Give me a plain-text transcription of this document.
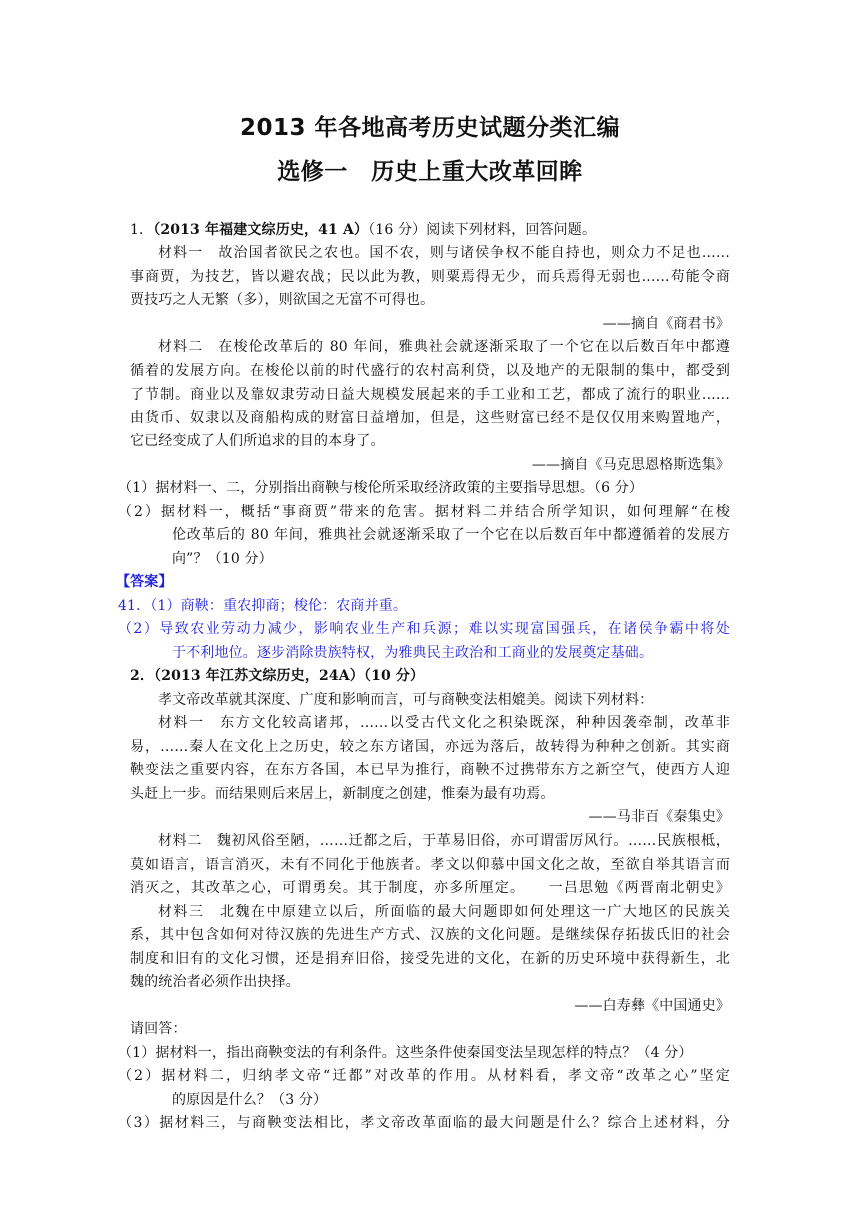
2013 年各地高考历史试题分类汇编
选修一　历史上重大改革回眸
1．（2013 年福建文综历史，41 A）（16 分）阅读下列材料，回答问题。
材料一　故治国者欲民之农也。国不农，则与诸侯争权不能自持也，则众力不足也……
事商贾，为技艺，皆以避农战；民以此为教，则粟焉得无少，而兵焉得无弱也……苟能令商
贾技巧之人无繁（多），则欲国之无富不可得也。
——摘自《商君书》
材料二　在梭伦改革后的 80 年间，雅典社会就逐渐采取了一个它在以后数百年中都遵
循着的发展方向。在梭伦以前的时代盛行的农村高利贷，以及地产的无限制的集中，都受到
了节制。商业以及靠奴隶劳动日益大规模发展起来的手工业和工艺，都成了流行的职业……
由货币、奴隶以及商船构成的财富日益增加，但是，这些财富已经不是仅仅用来购置地产，
它已经变成了人们所追求的目的本身了。
——摘自《马克思恩格斯选集》
（1）据材料一、二，分别指出商鞅与梭伦所采取经济政策的主要指导思想。（6 分）
（2）据材料一，概括“事商贾”带来的危害。据材料二并结合所学知识，如何理解“在梭
伦改革后的 80 年间，雅典社会就逐渐采取了一个它在以后数百年中都遵循着的发展方
向”？（10 分）
【答案】
41．（1）商鞅：重农抑商；梭伦：农商并重。
（2）导致农业劳动力减少，影响农业生产和兵源；难以实现富国强兵，在诸侯争霸中将处
于不利地位。逐步消除贵族特权，为雅典民主政治和工商业的发展奠定基础。
2．（2013 年江苏文综历史，24A）（10 分）
孝文帝改革就其深度、广度和影响而言，可与商鞅变法相媲美。阅读下列材料：
材料一　东方文化较高诸邦，……以受古代文化之积染既深，种种因袭牵制，改革非
易，……秦人在文化上之历史，较之东方诸国，亦远为落后，故转得为种种之创新。其实商
鞅变法之重要内容，在东方各国，本已早为推行，商鞅不过携带东方之新空气，使西方人迎
头赶上一步。而结果则后来居上，新制度之创建，惟秦为最有功焉。
——马非百《秦集史》
材料二　魏初风俗至陋，……迁都之后，于革易旧俗，亦可谓雷厉风行。……民族根柢，
莫如语言，语言消灭，未有不同化于他族者。孝文以仰慕中国文化之故，至欲自举其语言而
消灭之，其改革之心，可谓勇矣。其于制度，亦多所厘定。　　一吕思勉《两晋南北朝史》
材料三　北魏在中原建立以后，所面临的最大问题即如何处理这一广大地区的民族关
系，其中包含如何对待汉族的先进生产方式、汉族的文化问题。是继续保存拓拔氏旧的社会
制度和旧有的文化习惯，还是捐弃旧俗，接受先进的文化，在新的历史环境中获得新生，北
魏的统治者必须作出抉择。
——白寿彝《中国通史》
请回答：
（1）据材料一，指出商鞅变法的有利条件。这些条件使秦国变法呈现怎样的特点？（4 分）
（2）据材料二，归纳孝文帝“迁都”对改革的作用。从材料看，孝文帝“改革之心”坚定
的原因是什么？（3 分）
（3）据材料三，与商鞅变法相比，孝文帝改革面临的最大问题是什么？综合上述材料，分
